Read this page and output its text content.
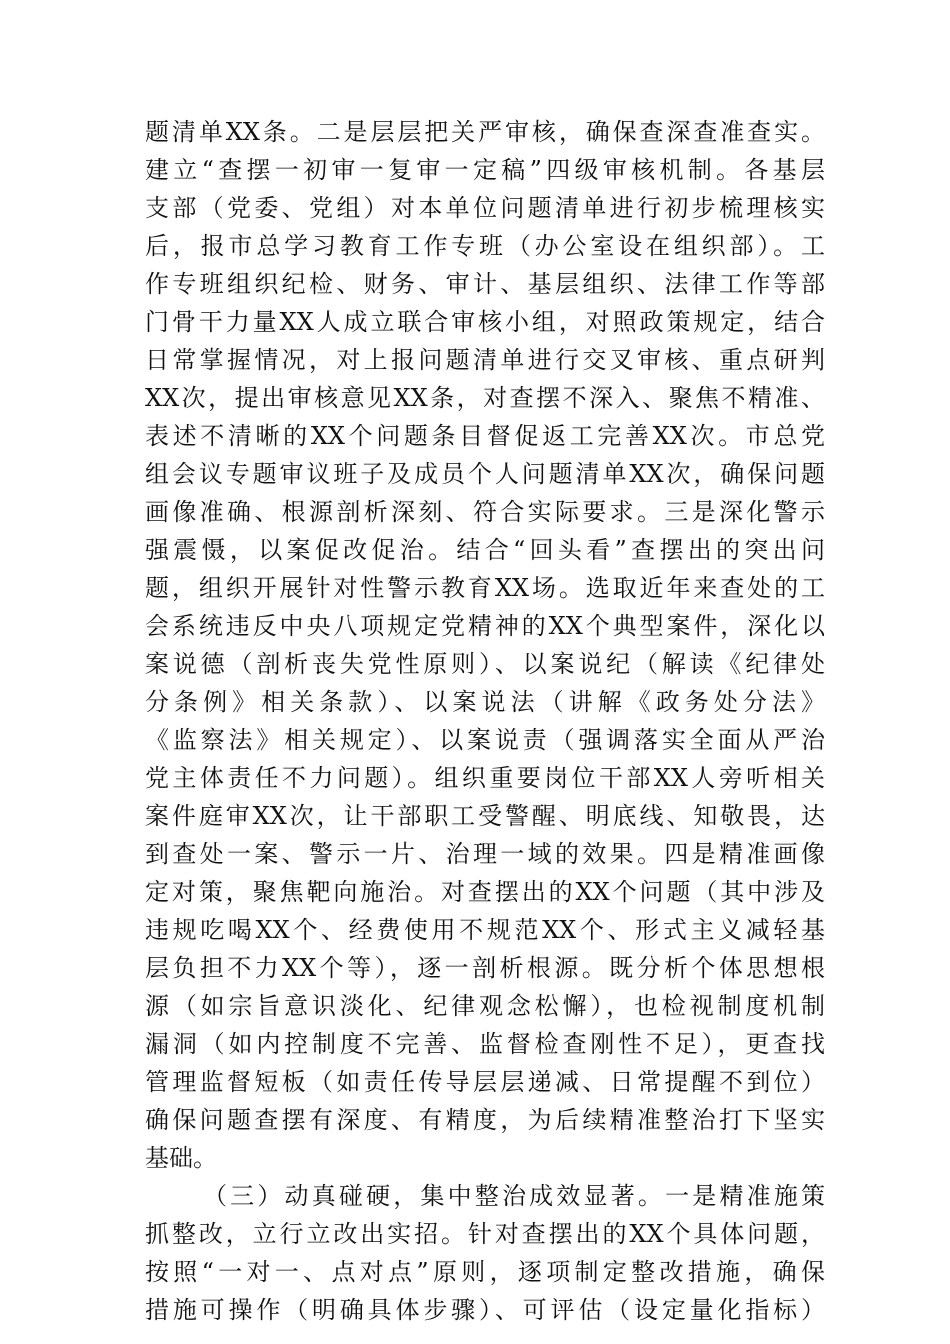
题清单XX条。二是层层把关严审核，确保查深查准查实。
建立“查摆一初审一复审一定稿”四级审核机制。各基层
支部（党委、党组）对本单位问题清单进行初步梳理核实
后，报市总学习教育工作专班（办公室设在组织部）。工
作专班组织纪检、财务、审计、基层组织、法律工作等部
门骨干力量XX人成立联合审核小组，对照政策规定，结合
日常掌握情况，对上报问题清单进行交叉审核、重点研判
XX次，提出审核意见XX条，对查摆不深入、聚焦不精准、
表述不清晰的XX个问题条目督促返工完善XX次。市总党
组会议专题审议班子及成员个人问题清单XX次，确保问题
画像准确、根源剖析深刻、符合实际要求。三是深化警示
强震慑，以案促改促治。结合“回头看”查摆出的突出问
题，组织开展针对性警示教育XX场。选取近年来查处的工
会系统违反中央八项规定党精神的XX个典型案件，深化以
案说德（剖析丧失党性原则）、以案说纪（解读《纪律处
分条例》相关条款）、以案说法（讲解《政务处分法》
《监察法》相关规定）、以案说责（强调落实全面从严治
党主体责任不力问题）。组织重要岗位干部XX人旁听相关
案件庭审XX次，让干部职工受警醒、明底线、知敬畏，达
到查处一案、警示一片、治理一域的效果。四是精准画像
定对策，聚焦靶向施治。对查摆出的XX个问题（其中涉及
违规吃喝XX个、经费使用不规范XX个、形式主义减轻基
层负担不力XX个等），逐一剖析根源。既分析个体思想根
源（如宗旨意识淡化、纪律观念松懈），也检视制度机制
漏洞（如内控制度不完善、监督检查刚性不足），更查找
管理监督短板（如责任传导层层递减、日常提醒不到位）
确保问题查摆有深度、有精度，为后续精准整治打下坚实
基础。
（三）动真碰硬，集中整治成效显著。一是精准施策
抓整改，立行立改出实招。针对查摆出的XX个具体问题，
按照“一对一、点对点”原则，逐项制定整改措施，确保
措施可操作（明确具体步骤）、可评估（设定量化指标）
